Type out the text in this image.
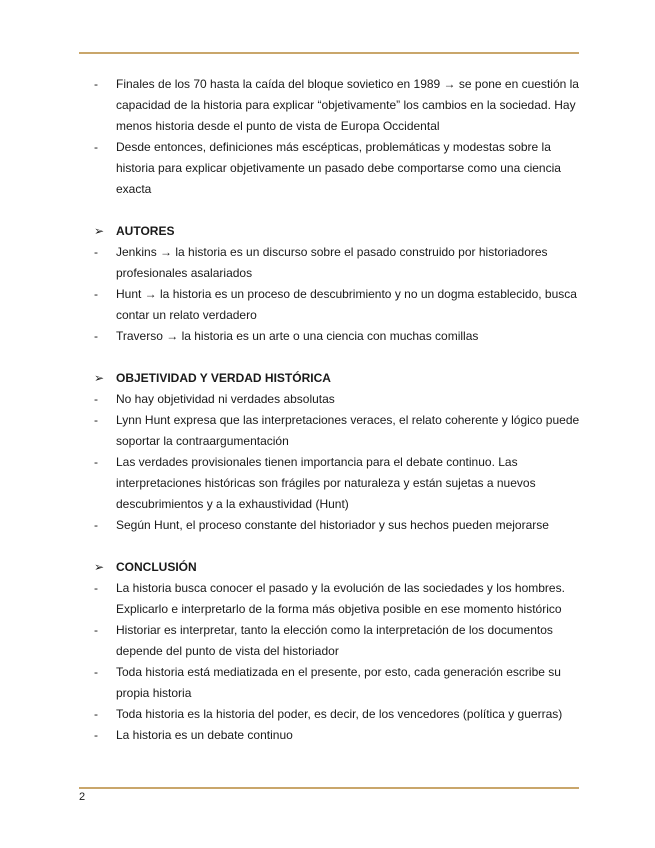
- Finales de los 70 hasta la caída del bloque sovietico en 1989 → se pone en cuestión la capacidad de la historia para explicar “objetivamente” los cambios en la sociedad. Hay menos historia desde el punto de vista de Europa Occidental

- Desde entonces, definiciones más escépticas, problemáticas y modestas sobre la historia para explicar objetivamente un pasado debe comportarse como una ciencia exacta

➢ AUTORES

- Jenkins → la historia es un discurso sobre el pasado construido por historiadores profesionales asalariados

- Hunt → la historia es un proceso de descubrimiento y no un dogma establecido, busca contar un relato verdadero

- Traverso → la historia es un arte o una ciencia con muchas comillas

➢ OBJETIVIDAD Y VERDAD HISTÓRICA

- No hay objetividad ni verdades absolutas

- Lynn Hunt expresa que las interpretaciones veraces, el relato coherente y lógico puede soportar la contraargumentación

- Las verdades provisionales tienen importancia para el debate continuo. Las interpretaciones históricas son frágiles por naturaleza y están sujetas a nuevos descubrimientos y a la exhaustividad (Hunt)

- Según Hunt, el proceso constante del historiador y sus hechos pueden mejorarse

➢ CONCLUSIÓN

- La historia busca conocer el pasado y la evolución de las sociedades y los hombres. Explicarlo e interpretarlo de la forma más objetiva posible en ese momento histórico

- Historiar es interpretar, tanto la elección como la interpretación de los documentos depende del punto de vista del historiador

- Toda historia está mediatizada en el presente, por esto, cada generación escribe su propia historia

- Toda historia es la historia del poder, es decir, de los vencedores (política y guerras)

- La historia es un debate continuo

2
